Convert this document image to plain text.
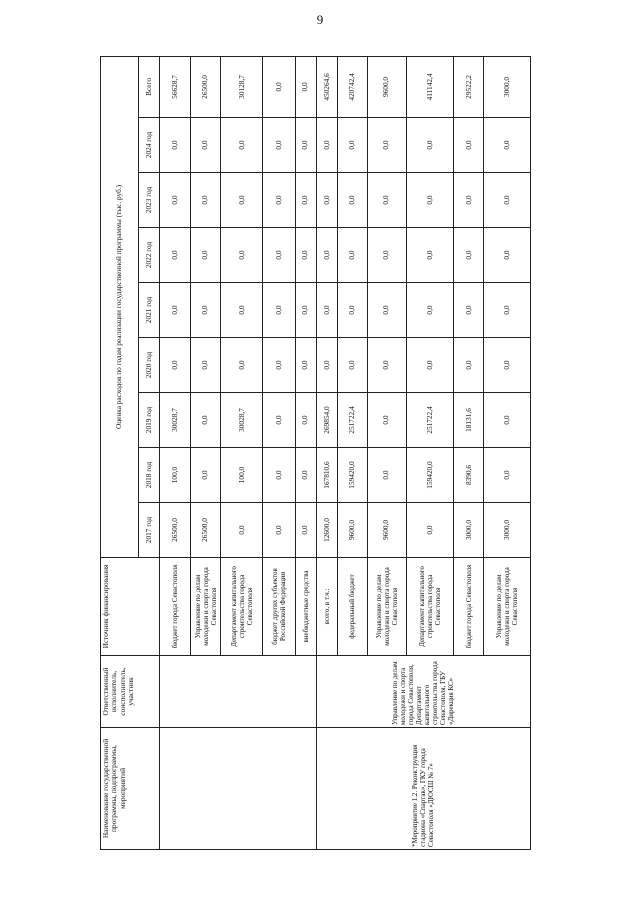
9
Наименование государственной программы, подпрограммы, мероприятий	Ответственный исполнитель, соисполнитель, участник	Источник финансирования	Оценка расходов по годам реализации государственной программы (тыс. руб.)								
			2017 год	2018 год	2019 год	2020 год	2021 год	2022 год	2023 год	2024 год	Всего
		бюджет города Севастополя	26500,0	100,0	30028,7	0,0	0,0	0,0	0,0	0,0	56628,7
		Управление по делам молодежи и спорта города Севастополя	26500,0	0,0	0,0	0,0	0,0	0,0	0,0	0,0	26500,0
		Департамент капитального строительства города Севастополя	0,0	100,0	30028,7	0,0	0,0	0,0	0,0	0,0	30128,7
		бюджет других субъектов Российской Федерации	0,0	0,0	0,0	0,0	0,0	0,0	0,0	0,0	0,0
		внебюджетные средства	0,0	0,0	0,0	0,0	0,0	0,0	0,0	0,0	0,0
*Мероприятие 1.2. Реконструкция стадиона «Спартак», ГКУ города Севастополя «ДЮСШ № 7»	Управление по делам молодежи и спорта города Севастополя, Департамент капитального строительства города Севастополя, ГБУ «Дирекция КС»	всего, в т.ч.:	12600,0	167810,6	269854,0	0,0	0,0	0,0	0,0	0,0	450264,6
		федеральный бюджет	9600,0	159420,0	251722,4	0,0	0,0	0,0	0,0	0,0	420742,4
		Управление по делам молодежи и спорта города Севастополя	9600,0	0,0	0,0	0,0	0,0	0,0	0,0	0,0	9600,0
		Департамент капитального строительства города Севастополя	0,0	159420,0	251722,4	0,0	0,0	0,0	0,0	0,0	411142,4
		бюджет города Севастополя	3000,0	8390,6	18131,6	0,0	0,0	0,0	0,0	0,0	29522,2
		Управление по делам молодежи и спорта города Севастополя	3000,0	0,0	0,0	0,0	0,0	0,0	0,0	0,0	3000,0
